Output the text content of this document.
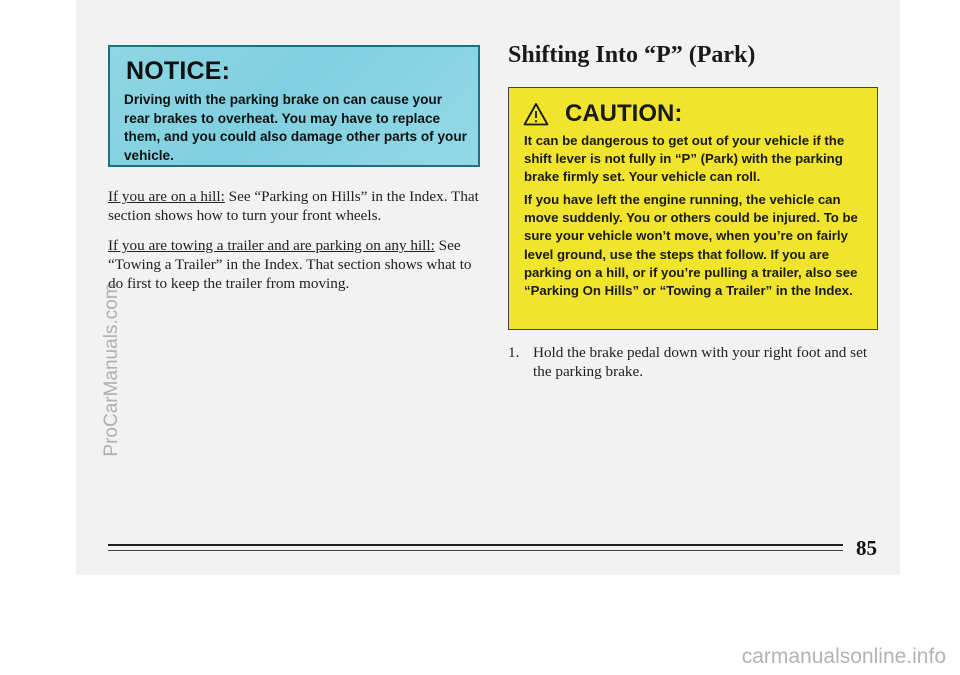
NOTICE:
Driving with the parking brake on can cause your rear brakes to overheat. You may have to replace them, and you could also damage other parts of your vehicle.
If you are on a hill: See “Parking on Hills” in the Index. That section shows how to turn your front wheels.
If you are towing a trailer and are parking on any hill: See “Towing a Trailer” in the Index. That section shows what to do first to keep the trailer from moving.
Shifting Into “P” (Park)
CAUTION:
It can be dangerous to get out of your vehicle if the shift lever is not fully in “P” (Park) with the parking brake firmly set. Your vehicle can roll.
If you have left the engine running, the vehicle can move suddenly. You or others could be injured. To be sure your vehicle won’t move, when you’re on fairly level ground, use the steps that follow. If you are parking on a hill, or if you’re pulling a trailer, also see “Parking On Hills” or “Towing a Trailer” in the Index.
1. Hold the brake pedal down with your right foot and set the parking brake.
85
ProCarManuals.com
carmanualsonline.info
